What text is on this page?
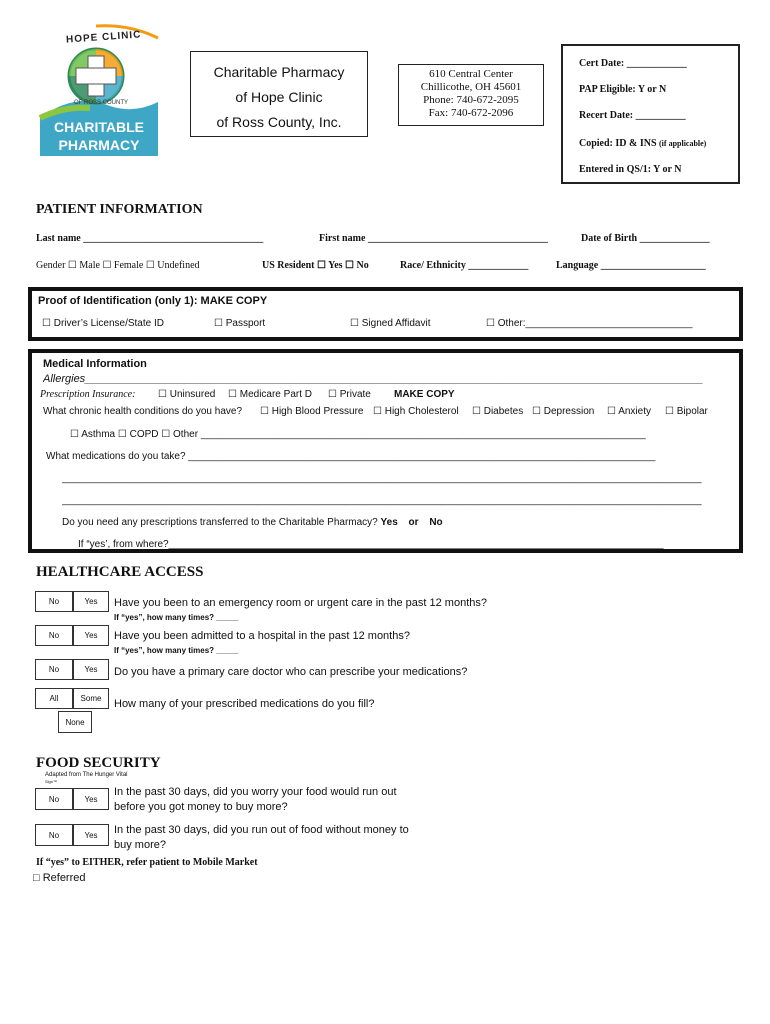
HOPE CLINIC
OF ROSS COUNTY
CHARITABLE
PHARMACY
Charitable Pharmacy
of Hope Clinic
of Ross County, Inc.
610 Central Center
Chillicothe, OH 45601
Phone: 740-672-2095
Fax: 740-672-2096
Cert Date: ____________
PAP Eligible: Y or N
Recert Date: __________
Copied: ID & INS (if applicable)
Entered in QS/1: Y or N
PATIENT INFORMATION
Last name ____________________________________	First name ____________________________________	Date of Birth ______________
Gender ☐ Male ☐ Female ☐ Undefined	US Resident ☐ Yes ☐ No	Race/ Ethnicity ____________	Language _____________________
Proof of Identification (only 1): MAKE COPY
☐ Driver’s License/State ID	☐ Passport	☐ Signed Affidavit	☐ Other:______________________________
Medical Information
Allergies_____________________________________________________________________________________________________
Prescription Insurance: ☐ Uninsured ☐ Medicare Part D ☐ Private MAKE COPY
What chronic health conditions do you have? ☐ High Blood Pressure ☐ High Cholesterol ☐ Diabetes ☐ Depression ☐ Anxiety ☐ Bipolar
☐ Asthma ☐ COPD ☐ Other ________________________________________________________________________________
What medications do you take? ____________________________________________________________________________________
___________________________________________________________________________________________________________________
___________________________________________________________________________________________________________________
Do you need any prescriptions transferred to the Charitable Pharmacy? Yes or No
If “yes’, from where?_________________________________________________________________________________________
HEALTHCARE ACCESS
No	Yes	Have you been to an emergency room or urgent care in the past 12 months?
If “yes”, how many times? _____
No	Yes	Have you been admitted to a hospital in the past 12 months?
If “yes”, how many times? _____
No	Yes	Do you have a primary care doctor who can prescribe your medications?
All	Some
None
How many of your prescribed medications do you fill?
FOOD SECURITY
Adapted from The Hunger Vital
Sign™
No	Yes
In the past 30 days, did you worry your food would run out
before you got money to buy more?
No	Yes	In the past 30 days, did you run out of food without money to
buy more?
If “yes” to EITHER, refer patient to Mobile Market
□ Referred
